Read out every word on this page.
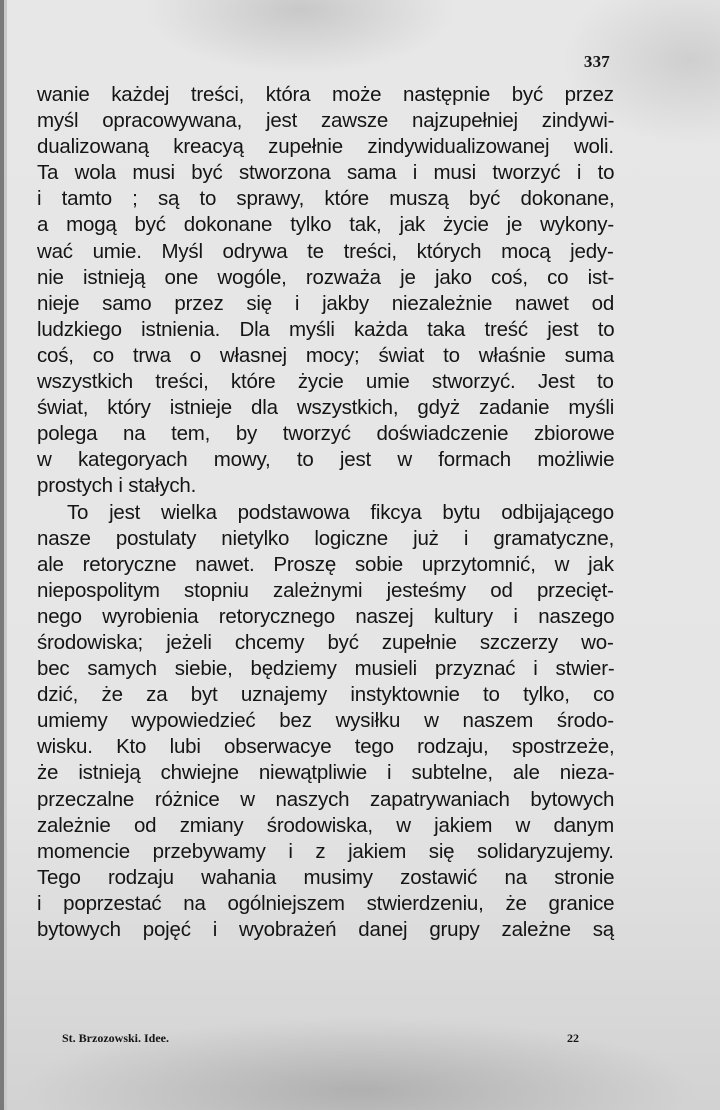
337
wanie każdej treści, która może następnie być przez
myśl opracowywana, jest zawsze najzupełniej zindywi-
dualizowaną kreacyą zupełnie zindywidualizowanej woli.
Ta wola musi być stworzona sama i musi tworzyć i to
i tamto ; są to sprawy, które muszą być dokonane,
a mogą być dokonane tylko tak, jak życie je wykony-
wać umie. Myśl odrywa te treści, których mocą jedy-
nie istnieją one wogóle, rozważa je jako coś, co ist-
nieje samo przez się i jakby niezależnie nawet od
ludzkiego istnienia. Dla myśli każda taka treść jest to
coś, co trwa o własnej mocy; świat to właśnie suma
wszystkich treści, które życie umie stworzyć. Jest to
świat, który istnieje dla wszystkich, gdyż zadanie myśli
polega na tem, by tworzyć doświadczenie zbiorowe
w kategoryach mowy, to jest w formach możliwie
prostych i stałych.
To jest wielka podstawowa fikcya bytu odbijającego
nasze postulaty nietylko logiczne już i gramatyczne,
ale retoryczne nawet. Proszę sobie uprzytomnić, w jak
niepospolitym stopniu zależnymi jesteśmy od przecięt-
nego wyrobienia retorycznego naszej kultury i naszego
środowiska; jeżeli chcemy być zupełnie szczerzy wo-
bec samych siebie, będziemy musieli przyznać i stwier-
dzić, że za byt uznajemy instyktownie to tylko, co
umiemy wypowiedzieć bez wysiłku w naszem środo-
wisku. Kto lubi obserwacye tego rodzaju, spostrzeże,
że istnieją chwiejne niewątpliwie i subtelne, ale nieza-
przeczalne różnice w naszych zapatrywaniach bytowych
zależnie od zmiany środowiska, w jakiem w danym
momencie przebywamy i z jakiem się solidaryzujemy.
Tego rodzaju wahania musimy zostawić na stronie
i poprzestać na ogólniejszem stwierdzeniu, że granice
bytowych pojęć i wyobrażeń danej grupy zależne są
St. Brzozowski. Idee.	22
